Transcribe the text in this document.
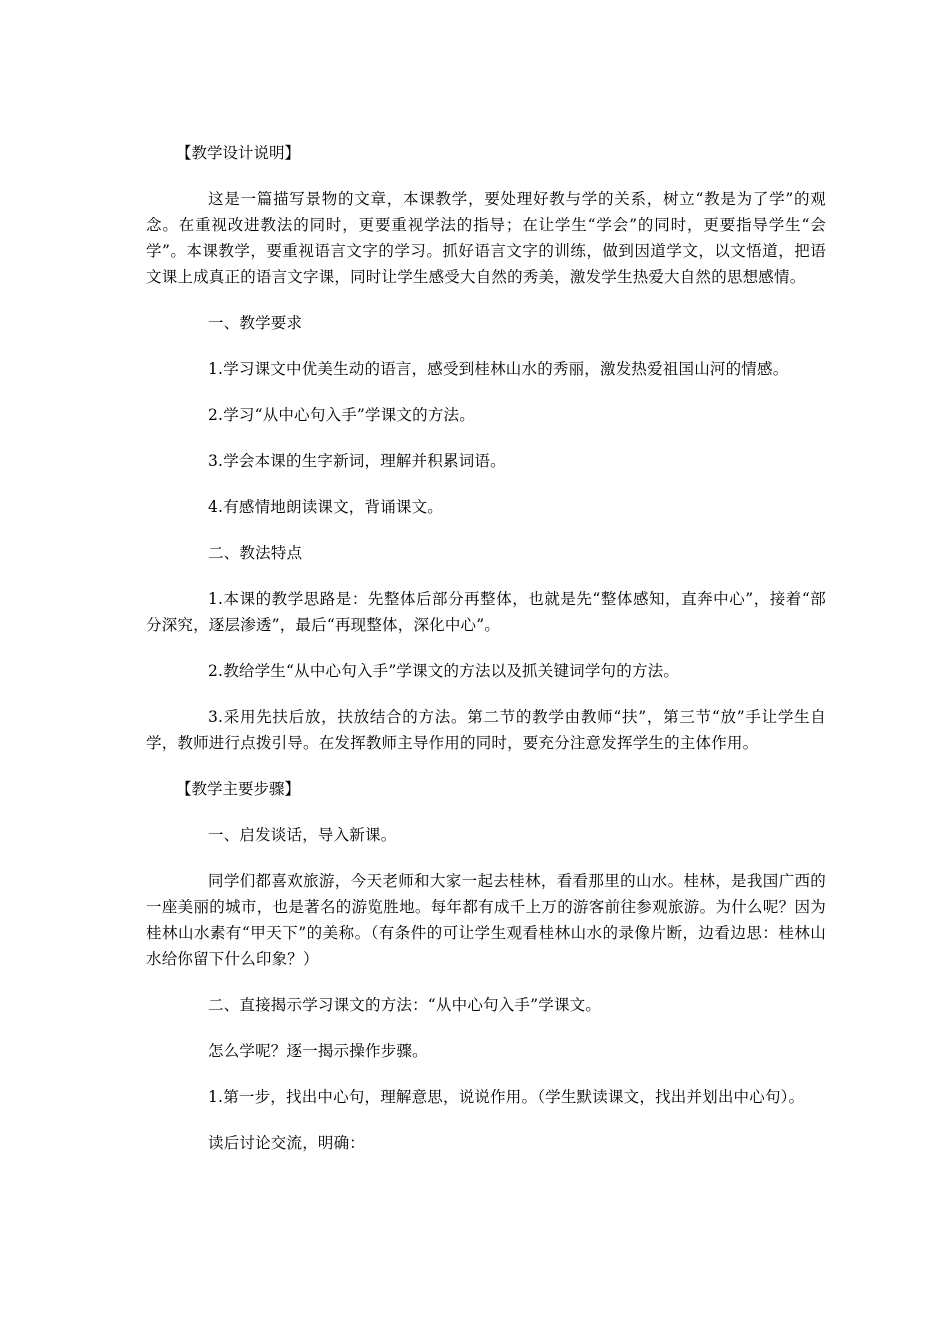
【教学设计说明】

这是一篇描写景物的文章，本课教学，要处理好教与学的关系，树立“教是为了学”的观念。在重视改进教法的同时，更要重视学法的指导；在让学生“学会”的同时，更要指导学生“会学”。本课教学，要重视语言文字的学习。抓好语言文字的训练，做到因道学文，以文悟道，把语文课上成真正的语言文字课，同时让学生感受大自然的秀美，激发学生热爱大自然的思想感情。

一、教学要求

1.学习课文中优美生动的语言，感受到桂林山水的秀丽，激发热爱祖国山河的情感。

2.学习“从中心句入手”学课文的方法。

3.学会本课的生字新词，理解并积累词语。

4.有感情地朗读课文，背诵课文。

二、教法特点

1.本课的教学思路是：先整体后部分再整体，也就是先“整体感知，直奔中心”，接着“部分深究，逐层渗透”，最后“再现整体，深化中心”。

2.教给学生“从中心句入手”学课文的方法以及抓关键词学句的方法。

3.采用先扶后放，扶放结合的方法。第二节的教学由教师“扶”，第三节“放”手让学生自学，教师进行点拨引导。在发挥教师主导作用的同时，要充分注意发挥学生的主体作用。

【教学主要步骤】

一、启发谈话，导入新课。

同学们都喜欢旅游，今天老师和大家一起去桂林，看看那里的山水。桂林，是我国广西的一座美丽的城市，也是著名的游览胜地。每年都有成千上万的游客前往参观旅游。为什么呢？因为桂林山水素有“甲天下”的美称。（有条件的可让学生观看桂林山水的录像片断，边看边思：桂林山水给你留下什么印象？）

二、直接揭示学习课文的方法：“从中心句入手”学课文。

怎么学呢？逐一揭示操作步骤。

1.第一步，找出中心句，理解意思，说说作用。（学生默读课文，找出并划出中心句）。

读后讨论交流，明确：
